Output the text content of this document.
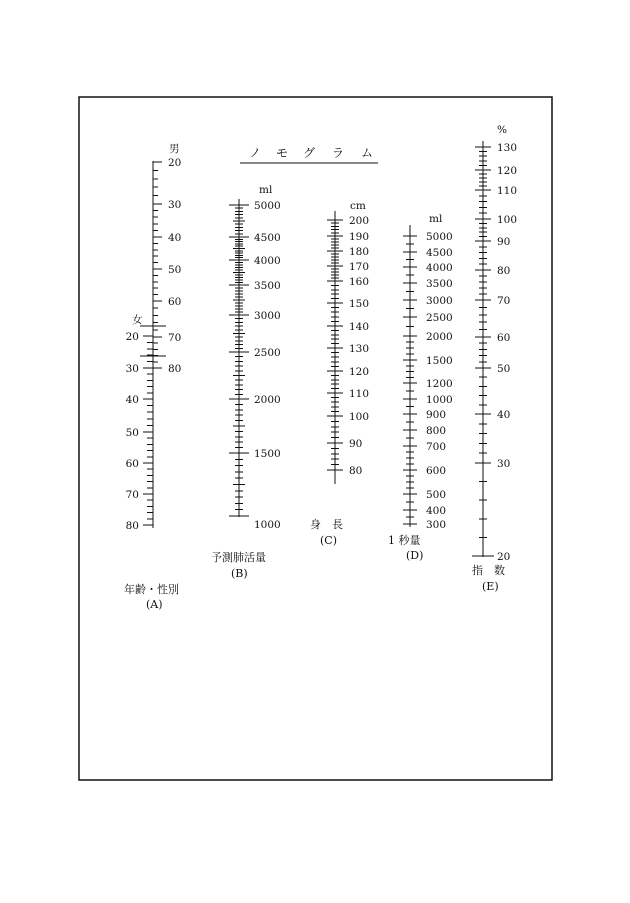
ノ モ グ ラ ム
男
女
20
30
40
50
60
70
80
20
30
40
50
60
70
80
年齢・性別
(A)
ml
5000
4500
4000
3500
3000
2500
2000
1500
1000
予測肺活量
(B)
cm
200
190
180
170
160
150
140
130
120
110
100
90
80
身　長
(C)
ml
5000
4500
4000
3500
3000
2500
2000
1500
1200
1000
900
800
700
600
500
400
300
1 秒量
(D)
%
130
120
110
100
90
80
70
60
50
40
30
20
指　数
(E)
